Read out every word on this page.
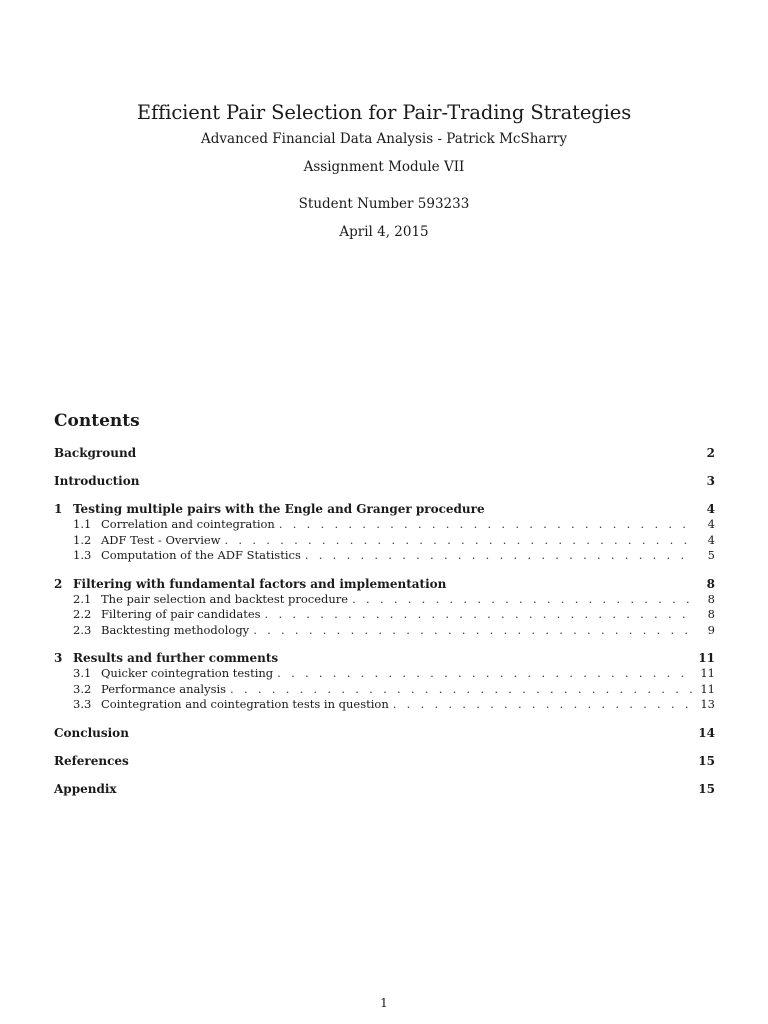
Efficient Pair Selection for Pair-Trading Strategies
Advanced Financial Data Analysis - Patrick McSharry
Assignment Module VII
Student Number 593233
April 4, 2015
Contents
Background	2
Introduction	3
1 Testing multiple pairs with the Engle and Granger procedure	4
1.1 Correlation and cointegration . . .	4
1.2 ADF Test - Overview . . .	4
1.3 Computation of the ADF Statistics . . .	5
2 Filtering with fundamental factors and implementation	8
2.1 The pair selection and backtest procedure . . .	8
2.2 Filtering of pair candidates . . .	8
2.3 Backtesting methodology . . .	9
3 Results and further comments	11
3.1 Quicker cointegration testing . . .	11
3.2 Performance analysis . . .	11
3.3 Cointegration and cointegration tests in question . . .	13
Conclusion	14
References	15
Appendix	15
1
